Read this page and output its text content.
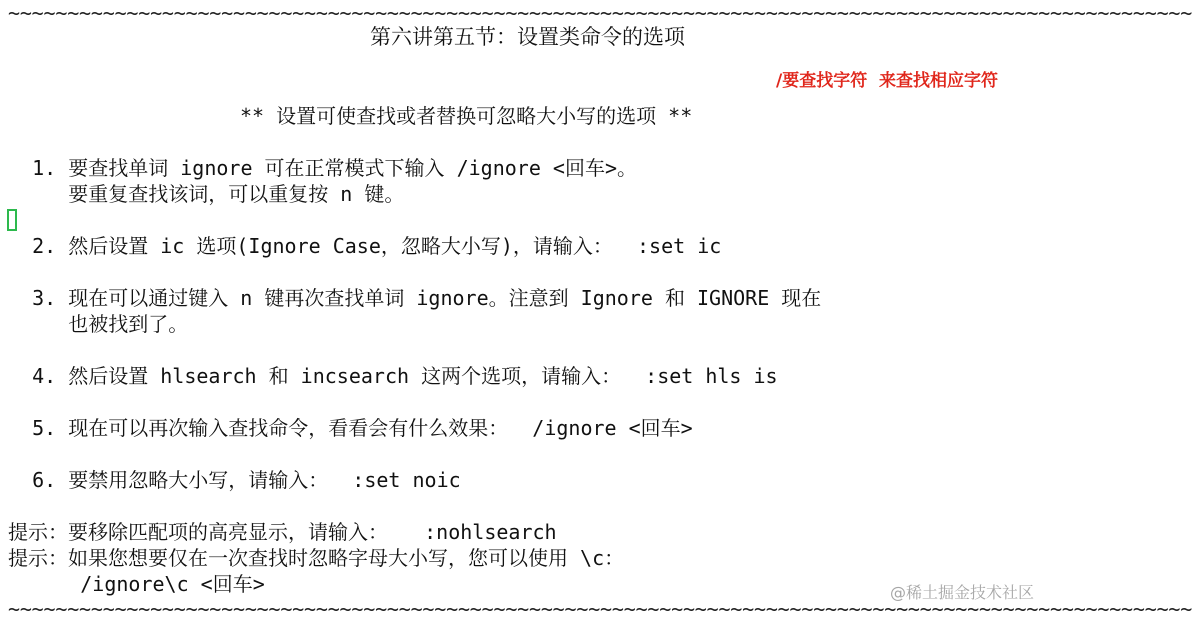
~~~~~~~~~~~~~~~~~~~~~~~~~~~~~~~~~~~~~~~~~~~~~~~~~~~~~~~~~~~~~~~~~~~~~~~~~~~~~~~~~~~~~~~~~~~~~~~~~~~~
第六讲第五节：设置类命令的选项
/要查找字符  来查找相应字符
** 设置可使查找或者替换可忽略大小写的选项 **
1. 要查找单词 ignore 可在正常模式下输入 /ignore <回车>。
要重复查找该词，可以重复按 n 键。
2. 然后设置 ic 选项(Ignore Case，忽略大小写)，请输入：  :set ic
3. 现在可以通过键入 n 键再次查找单词 ignore。注意到 Ignore 和 IGNORE 现在
也被找到了。
4. 然后设置 hlsearch 和 incsearch 这两个选项，请输入：  :set hls is
5. 现在可以再次输入查找命令，看看会有什么效果：  /ignore <回车>
6. 要禁用忽略大小写，请输入：  :set noic
提示：要移除匹配项的高亮显示，请输入：   :nohlsearch
提示：如果您想要仅在一次查找时忽略字母大小写，您可以使用 \c：
/ignore\c <回车>
~~~~~~~~~~~~~~~~~~~~~~~~~~~~~~~~~~~~~~~~~~~~~~~~~~~~~~~~~~~~~~~~~~~~~~~~~~~~~~~~~~~~~~~~~~~~~~~~~~~~
@稀土掘金技术社区
